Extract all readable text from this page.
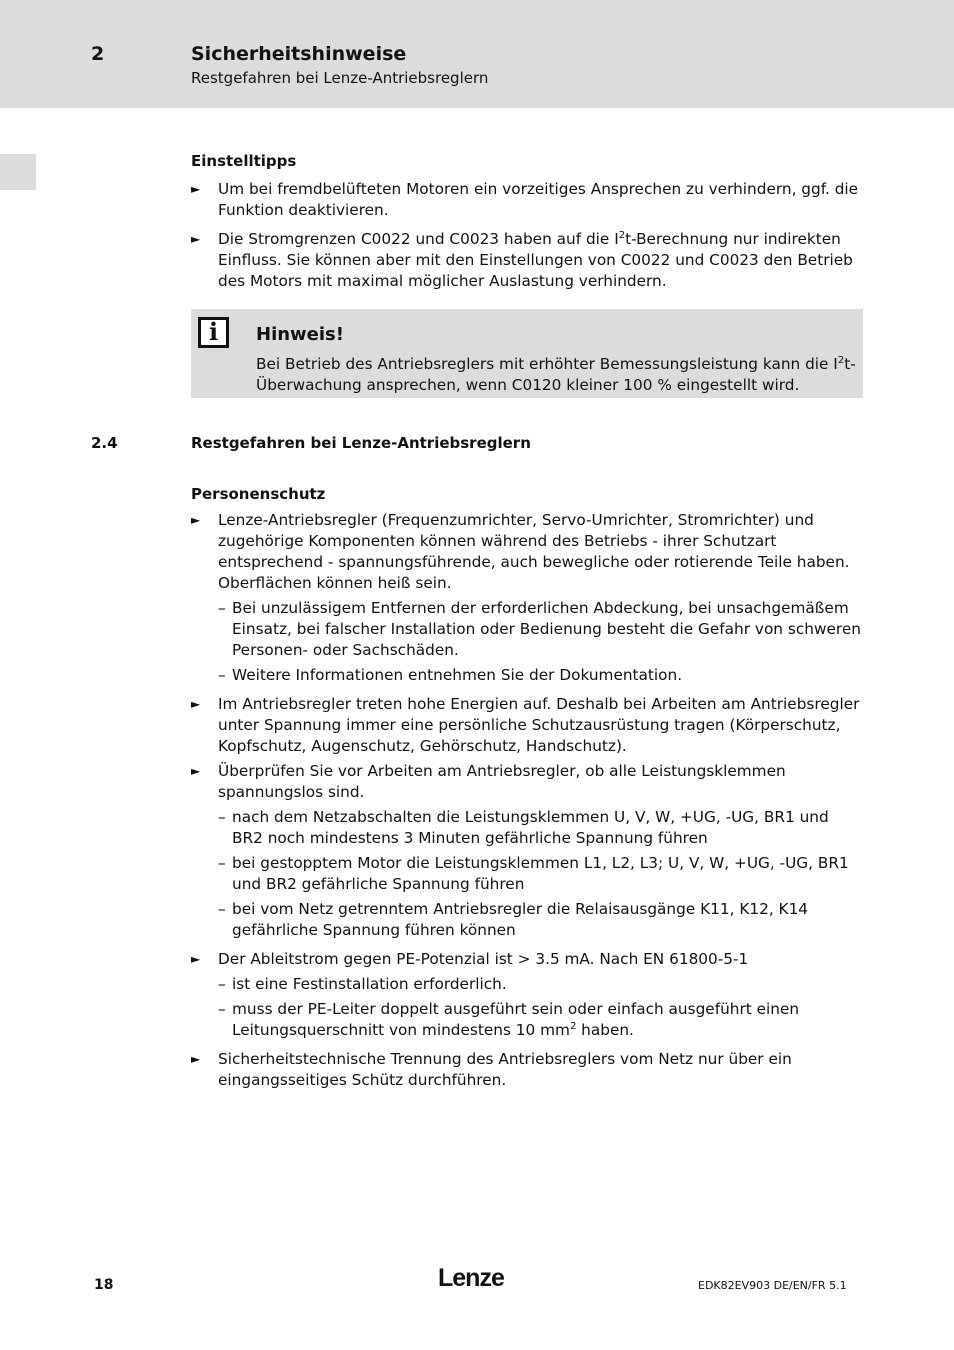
2	Sicherheitshinweise
Restgefahren bei Lenze-Antriebsreglern
Einstelltipps
► Um bei fremdbelüfteten Motoren ein vorzeitiges Ansprechen zu verhindern, ggf. die Funktion deaktivieren.
► Die Stromgrenzen C0022 und C0023 haben auf die $I^2t$-Berechnung nur indirekten Einfluss. Sie können aber mit den Einstellungen von C0022 und C0023 den Betrieb des Motors mit maximal möglicher Auslastung verhindern.
i	Hinweis!
Bei Betrieb des Antriebsreglers mit erhöhter Bemessungsleistung kann die $I^2t$-Überwachung ansprechen, wenn C0120 kleiner 100 % eingestellt wird.
2.4	Restgefahren bei Lenze-Antriebsreglern
Personenschutz
► Lenze-Antriebsregler (Frequenzumrichter, Servo-Umrichter, Stromrichter) und zugehörige Komponenten können während des Betriebs - ihrer Schutzart entsprechend - spannungsführende, auch bewegliche oder rotierende Teile haben. Oberflächen können heiß sein.
– Bei unzulässigem Entfernen der erforderlichen Abdeckung, bei unsachgemäßem Einsatz, bei falscher Installation oder Bedienung besteht die Gefahr von schweren Personen- oder Sachschäden.
– Weitere Informationen entnehmen Sie der Dokumentation.
► Im Antriebsregler treten hohe Energien auf. Deshalb bei Arbeiten am Antriebsregler unter Spannung immer eine persönliche Schutzausrüstung tragen (Körperschutz, Kopfschutz, Augenschutz, Gehörschutz, Handschutz).
► Überprüfen Sie vor Arbeiten am Antriebsregler, ob alle Leistungsklemmen spannungslos sind.
– nach dem Netzabschalten die Leistungsklemmen U, V, W, +UG, -UG, BR1 und BR2 noch mindestens 3 Minuten gefährliche Spannung führen
– bei gestopptem Motor die Leistungsklemmen L1, L2, L3; U, V, W, +UG, -UG, BR1 und BR2 gefährliche Spannung führen
– bei vom Netz getrenntem Antriebsregler die Relaisausgänge K11, K12, K14 gefährliche Spannung führen können
► Der Ableitstrom gegen PE-Potenzial ist > 3.5 mA. Nach EN 61800-5-1
– ist eine Festinstallation erforderlich.
– muss der PE-Leiter doppelt ausgeführt sein oder einfach ausgeführt einen Leitungsquerschnitt von mindestens 10 $mm^2$ haben.
► Sicherheitstechnische Trennung des Antriebsreglers vom Netz nur über ein eingangsseitiges Schütz durchführen.
18	Lenze	EDK82EV903 DE/EN/FR 5.1
